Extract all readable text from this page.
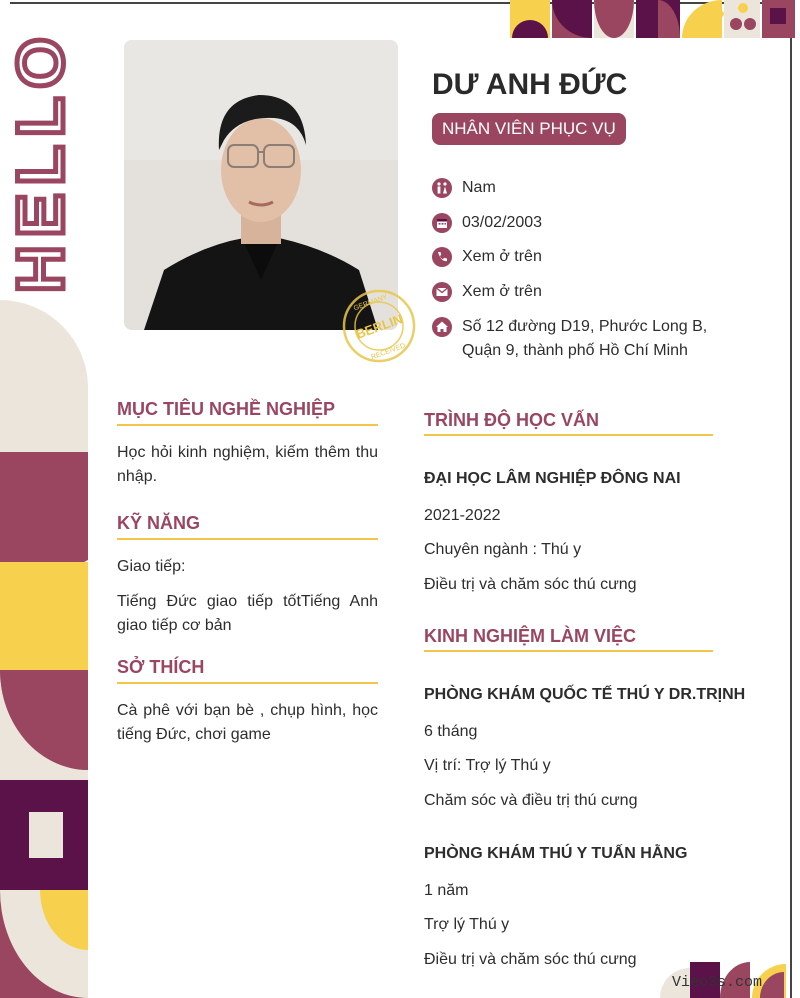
HELLO
BERLIN
GERMANY
RECEIVED
DƯ ANH ĐỨC
NHÂN VIÊN PHỤC VỤ
Nam
03/02/2003
Xem ở trên
Xem ở trên
Số 12 đường D19, Phước Long B, Quận 9, thành phố Hồ Chí Minh
MỤC TIÊU NGHỀ NGHIỆP
Học hỏi kinh nghiệm, kiếm thêm thu nhập.
KỸ NĂNG
Giao tiếp:
Tiếng Đức giao tiếp tốtTiếng Anh giao tiếp cơ bản
SỞ THÍCH
Cà phê với bạn bè , chụp hình, học tiếng Đức, chơi game
TRÌNH ĐỘ HỌC VẤN
ĐẠI HỌC LÂM NGHIỆP ĐÔNG NAI
2021-2022
Chuyên ngành : Thú y
Điều trị và chăm sóc thú cưng
KINH NGHIỆM LÀM VIỆC
PHÒNG KHÁM QUỐC TẾ THÚ Y DR.TRỊNH
6 tháng
Vị trí: Trợ lý Thú y
Chăm sóc và điều trị thú cưng
PHÒNG KHÁM THÚ Y TUẤN HẰNG
1 năm
Trợ lý Thú y
Điều trị và chăm sóc thú cưng
Vieo3s.com
